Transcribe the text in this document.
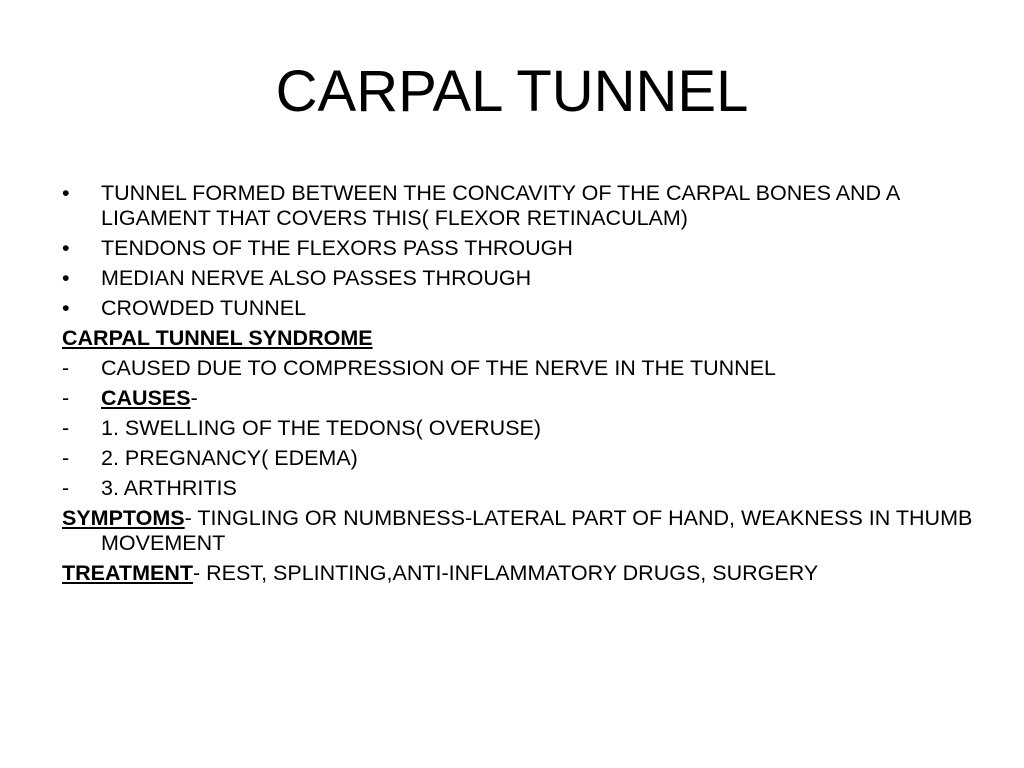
CARPAL TUNNEL
•	TUNNEL FORMED BETWEEN THE CONCAVITY OF THE CARPAL BONES AND A LIGAMENT THAT COVERS THIS( FLEXOR RETINACULAM)
•	TENDONS OF THE FLEXORS PASS THROUGH
•	MEDIAN NERVE ALSO PASSES THROUGH
•	CROWDED TUNNEL
CARPAL TUNNEL SYNDROME
-	CAUSED DUE TO COMPRESSION OF THE NERVE IN THE TUNNEL
-	CAUSES-
-	1. SWELLING OF THE TEDONS( OVERUSE)
-	2. PREGNANCY( EDEMA)
-	3. ARTHRITIS
SYMPTOMS- TINGLING OR NUMBNESS-LATERAL PART OF HAND, WEAKNESS IN THUMB MOVEMENT
TREATMENT- REST, SPLINTING,ANTI-INFLAMMATORY DRUGS, SURGERY
